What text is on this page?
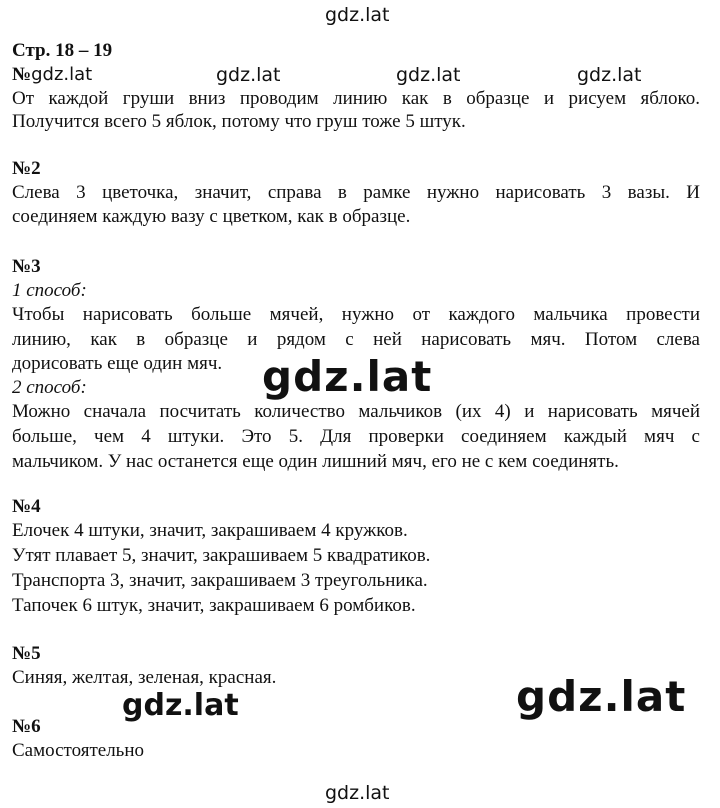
gdz.lat
gdz.lat	gdz.lat	gdz.lat
gdz.lat
gdz.lat
gdz.lat
gdz.lat
Стр. 18 – 19
№gdz.lat
От каждой груши вниз проводим линию как в образце и рисуем яблоко.
Получится всего 5 яблок, потому что груш тоже 5 штук.
№2
Слева 3 цветочка, значит, справа в рамке нужно нарисовать 3 вазы. И
соединяем каждую вазу с цветком, как в образце.
№3
1 способ:
Чтобы нарисовать больше мячей, нужно от каждого мальчика провести
линию, как в образце и рядом с ней нарисовать мяч. Потом слева
дорисовать еще один мяч.
2 способ:
Можно сначала посчитать количество мальчиков (их 4) и нарисовать мячей
больше, чем 4 штуки. Это 5. Для проверки соединяем каждый мяч с
мальчиком. У нас останется еще один лишний мяч, его не с кем соединять.
№4
Елочек 4 штуки, значит, закрашиваем 4 кружков.
Утят плавает 5, значит, закрашиваем 5 квадратиков.
Транспорта 3, значит, закрашиваем 3 треугольника.
Тапочек 6 штук, значит, закрашиваем 6 ромбиков.
№5
Синяя, желтая, зеленая, красная.
№6
Самостоятельно
